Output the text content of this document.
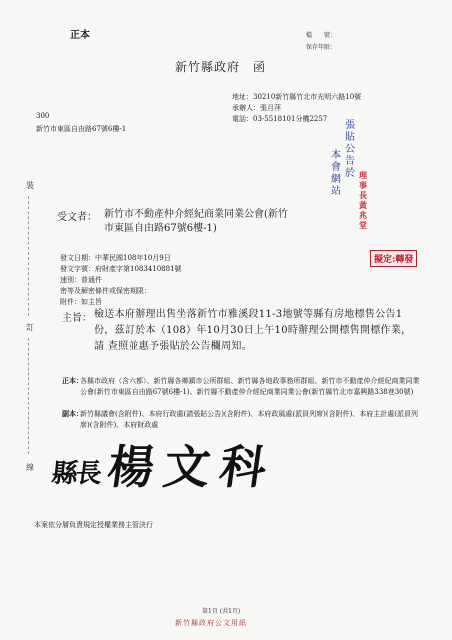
正本	檔　　號：
保存年限：
新竹縣政府　函
地址：30210新竹縣竹北市光明六路10號
承辦人：張月萍
電話：03-5518101分機2257
300
新竹市東區自由路67號6樓-1	張貼公告於 理事長黃兆堂
擬定:轉發
裝
訂
線
受文者： 新竹市不動產仲介經紀商業同業公會(新竹市東區自由路67號6樓-1)
發文日期：中華民國108年10月9日
發文字號：府財產字第1083410881號
速別：普通件
密等及解密條件或保密期限：
附件：如主旨
主旨： 檢送本府辦理出售坐落新竹市雅溪段11-3地號等縣有房地標售公告1份，茲訂於本（108）年10月30日上午10時辦理公開標售開標作業，請 查照並惠予張貼於公告欄周知。
正本：
各縣市政府（含六都）、新竹縣各鄉鎮市公所群組、新竹縣各地政事務所群組、新竹市不動產仲介經紀商業同業公會(新竹市東區自由路67號6樓-1)、新竹縣不動產仲介經紀商業同業公會(新竹縣竹北市嘉興路338巷30號)
副本：
新竹縣議會(含附件)、本府行政處(請張貼公告)(含附件)、本府政風處(派員列席)(含附件)、本府主計處(派員列席)(含附件)、本府財政處
縣長 楊文科
本案依分層負責規定授權業務主管決行
第1頁 (共1頁)
新竹縣政府公文用紙
本會網站
